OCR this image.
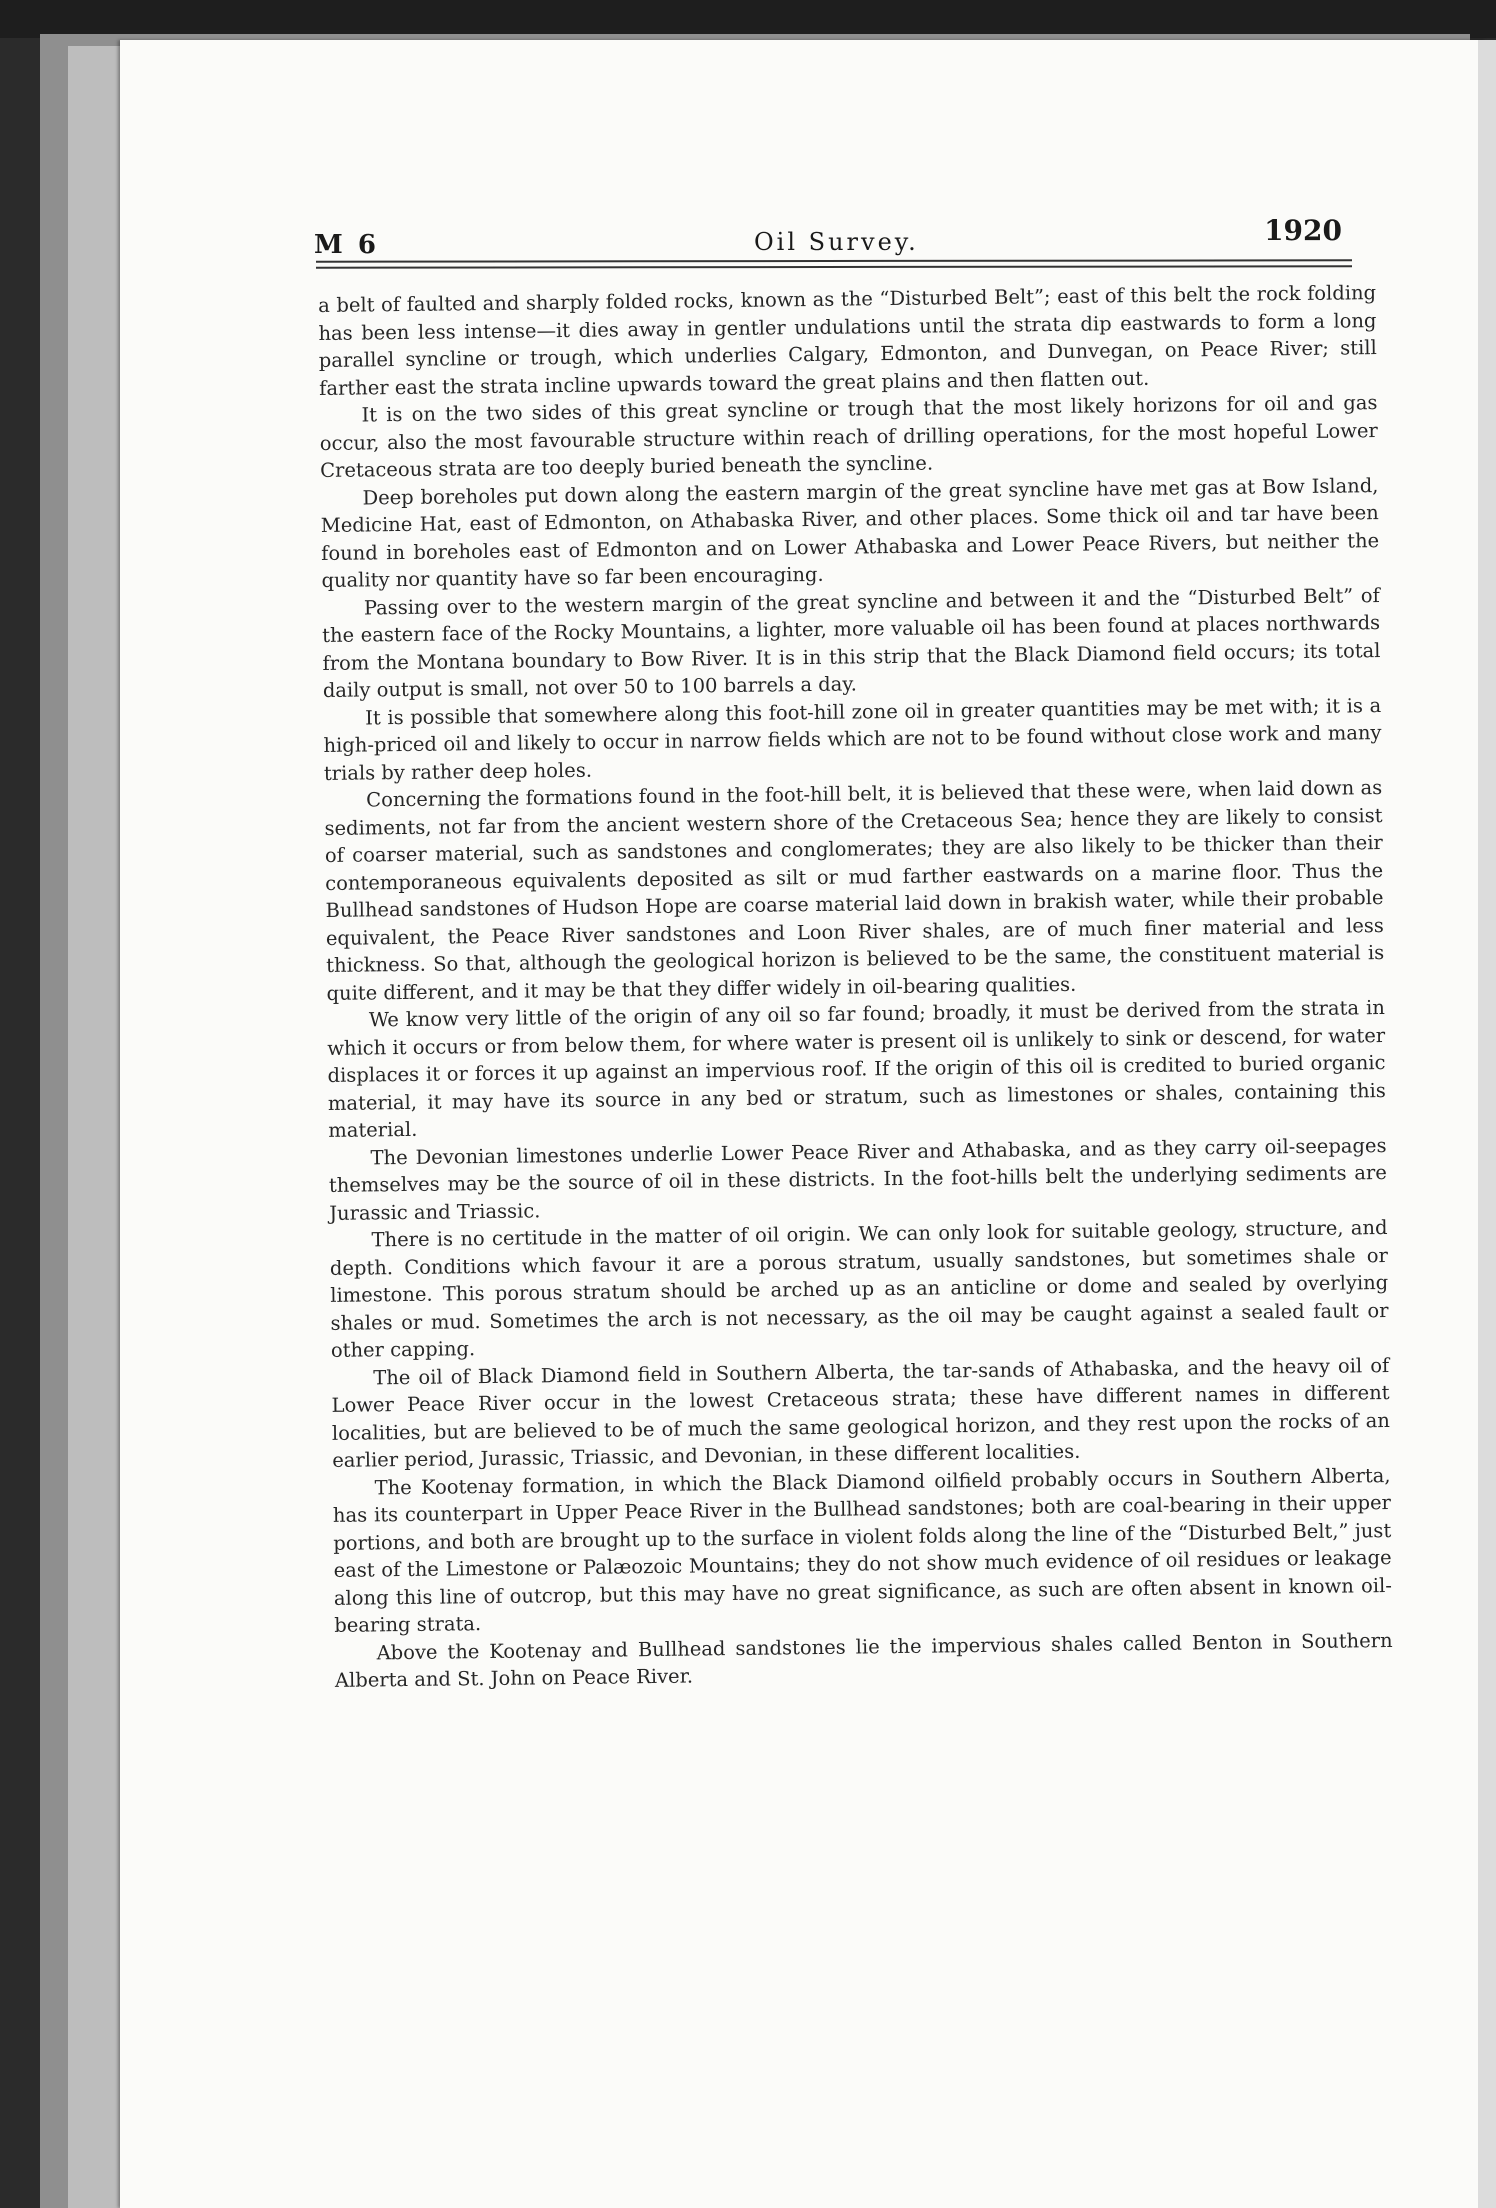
M 6	Oil Survey.	1920

a belt of faulted and sharply folded rocks, known as the “Disturbed Belt”; east of this belt the rock folding has been less intense—it dies away in gentler undulations until the strata dip eastwards to form a long parallel syncline or trough, which underlies Calgary, Edmonton, and Dunvegan, on Peace River; still farther east the strata incline upwards toward the great plains and then flatten out.

It is on the two sides of this great syncline or trough that the most likely horizons for oil and gas occur, also the most favourable structure within reach of drilling operations, for the most hopeful Lower Cretaceous strata are too deeply buried beneath the syncline.

Deep boreholes put down along the eastern margin of the great syncline have met gas at Bow Island, Medicine Hat, east of Edmonton, on Athabaska River, and other places. Some thick oil and tar have been found in boreholes east of Edmonton and on Lower Athabaska and Lower Peace Rivers, but neither the quality nor quantity have so far been encouraging.

Passing over to the western margin of the great syncline and between it and the “Disturbed Belt” of the eastern face of the Rocky Mountains, a lighter, more valuable oil has been found at places northwards from the Montana boundary to Bow River. It is in this strip that the Black Diamond field occurs; its total daily output is small, not over 50 to 100 barrels a day.

It is possible that somewhere along this foot-hill zone oil in greater quantities may be met with; it is a high-priced oil and likely to occur in narrow fields which are not to be found without close work and many trials by rather deep holes.

Concerning the formations found in the foot-hill belt, it is believed that these were, when laid down as sediments, not far from the ancient western shore of the Cretaceous Sea; hence they are likely to consist of coarser material, such as sandstones and conglomerates; they are also likely to be thicker than their contemporaneous equivalents deposited as silt or mud farther eastwards on a marine floor. Thus the Bullhead sandstones of Hudson Hope are coarse material laid down in brakish water, while their probable equivalent, the Peace River sandstones and Loon River shales, are of much finer material and less thickness. So that, although the geological horizon is believed to be the same, the constituent material is quite different, and it may be that they differ widely in oil-bearing qualities.

We know very little of the origin of any oil so far found; broadly, it must be derived from the strata in which it occurs or from below them, for where water is present oil is unlikely to sink or descend, for water displaces it or forces it up against an impervious roof. If the origin of this oil is credited to buried organic material, it may have its source in any bed or stratum, such as limestones or shales, containing this material.

The Devonian limestones underlie Lower Peace River and Athabaska, and as they carry oil-seepages themselves may be the source of oil in these districts. In the foot-hills belt the underlying sediments are Jurassic and Triassic.

There is no certitude in the matter of oil origin. We can only look for suitable geology, structure, and depth. Conditions which favour it are a porous stratum, usually sandstones, but sometimes shale or limestone. This porous stratum should be arched up as an anticline or dome and sealed by overlying shales or mud. Sometimes the arch is not necessary, as the oil may be caught against a sealed fault or other capping.

The oil of Black Diamond field in Southern Alberta, the tar-sands of Athabaska, and the heavy oil of Lower Peace River occur in the lowest Cretaceous strata; these have different names in different localities, but are believed to be of much the same geological horizon, and they rest upon the rocks of an earlier period, Jurassic, Triassic, and Devonian, in these different localities.

The Kootenay formation, in which the Black Diamond oilfield probably occurs in Southern Alberta, has its counterpart in Upper Peace River in the Bullhead sandstones; both are coal-bearing in their upper portions, and both are brought up to the surface in violent folds along the line of the “Disturbed Belt,” just east of the Limestone or Palæozoic Mountains; they do not show much evidence of oil residues or leakage along this line of outcrop, but this may have no great significance, as such are often absent in known oil-bearing strata.

Above the Kootenay and Bullhead sandstones lie the impervious shales called Benton in Southern Alberta and St. John on Peace River.
